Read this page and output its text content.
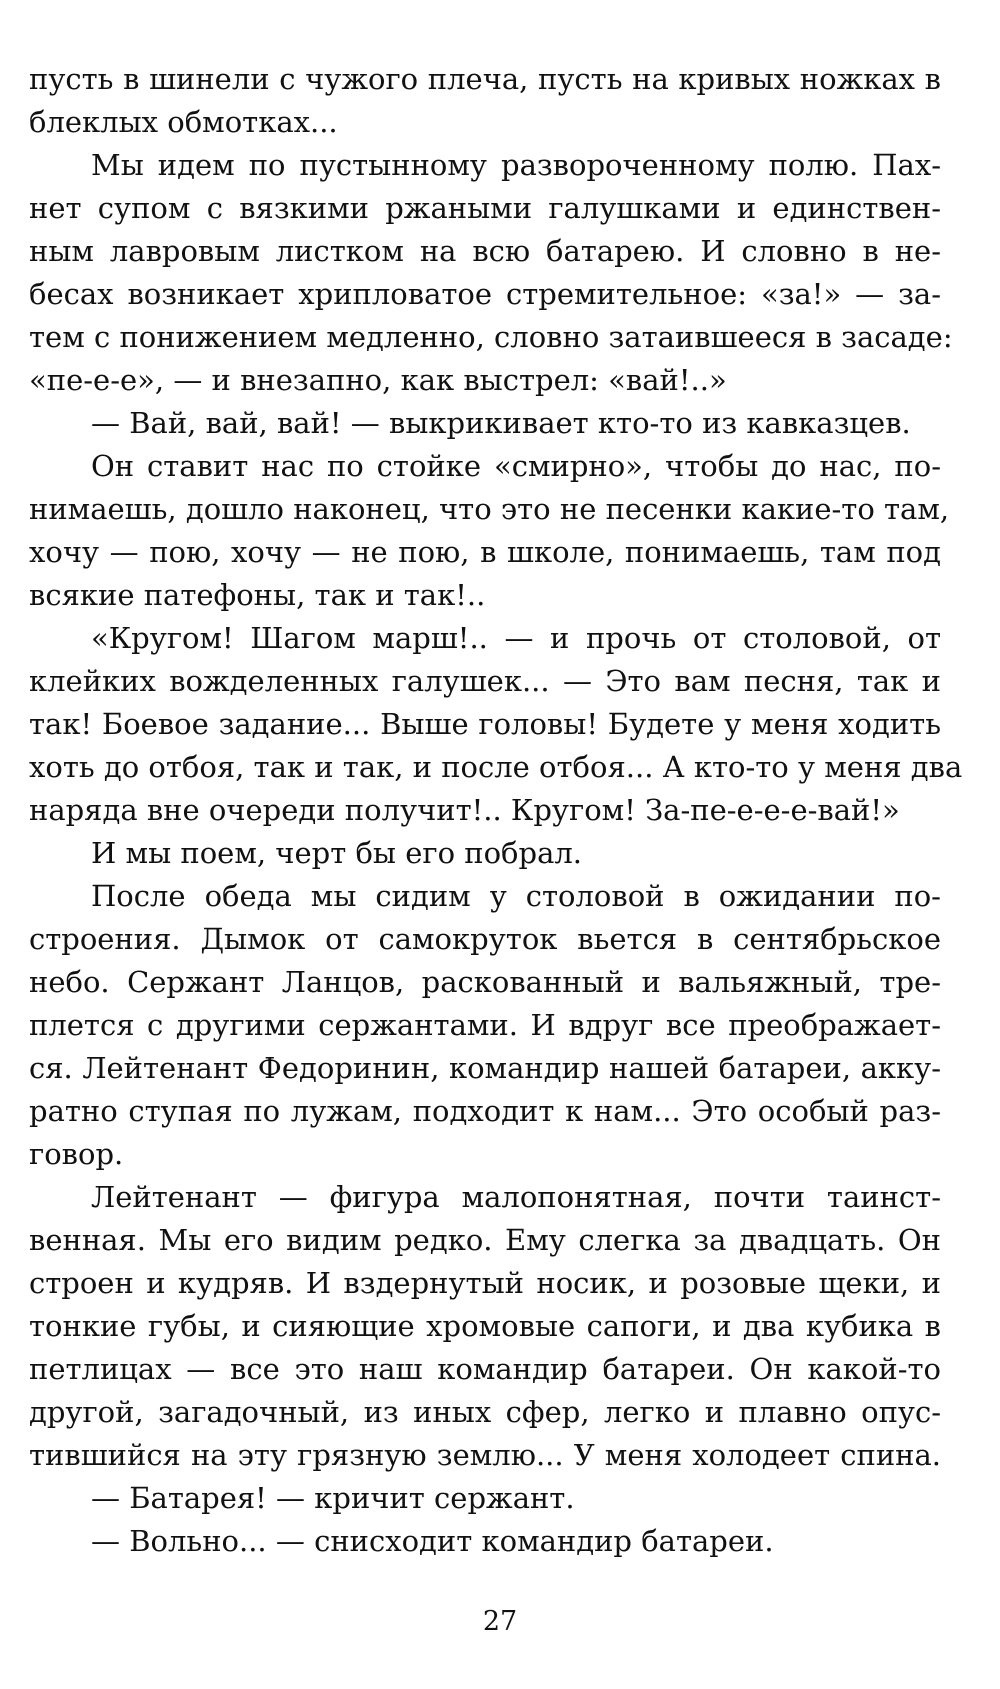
пусть в шинели с чужого плеча, пусть на кривых ножках в
блеклых обмотках...
Мы идем по пустынному развороченному полю. Пах-
нет супом с вязкими ржаными галушками и единствен-
ным лавровым листком на всю батарею. И словно в не-
бесах возникает хрипловатое стремительное: «за!» — за-
тем с понижением медленно, словно затаившееся в засаде:
«пе-е-е», — и внезапно, как выстрел: «вай!..»
— Вай, вай, вай! — выкрикивает кто-то из кавказцев.
Он ставит нас по стойке «смирно», чтобы до нас, по-
нимаешь, дошло наконец, что это не песенки какие-то там,
хочу — пою, хочу — не пою, в школе, понимаешь, там под
всякие патефоны, так и так!..
«Кругом! Шагом марш!.. — и прочь от столовой, от
клейких вожделенных галушек... — Это вам песня, так и
так! Боевое задание... Выше головы! Будете у меня ходить
хоть до отбоя, так и так, и после отбоя... А кто-то у меня два
наряда вне очереди получит!.. Кругом! За-пе-е-е-е-вай!»
И мы поем, черт бы его побрал.
После обеда мы сидим у столовой в ожидании по-
строения. Дымок от самокруток вьется в сентябрьское
небо. Сержант Ланцов, раскованный и вальяжный, тре-
плется с другими сержантами. И вдруг все преображает-
ся. Лейтенант Федоринин, командир нашей батареи, акку-
ратно ступая по лужам, подходит к нам... Это особый раз-
говор.
Лейтенант — фигура малопонятная, почти таинст-
венная. Мы его видим редко. Ему слегка за двадцать. Он
строен и кудряв. И вздернутый носик, и розовые щеки, и
тонкие губы, и сияющие хромовые сапоги, и два кубика в
петлицах — все это наш командир батареи. Он какой-то
другой, загадочный, из иных сфер, легко и плавно опус-
тившийся на эту грязную землю... У меня холодеет спина.
— Батарея! — кричит сержант.
— Вольно... — снисходит командир батареи.
27
